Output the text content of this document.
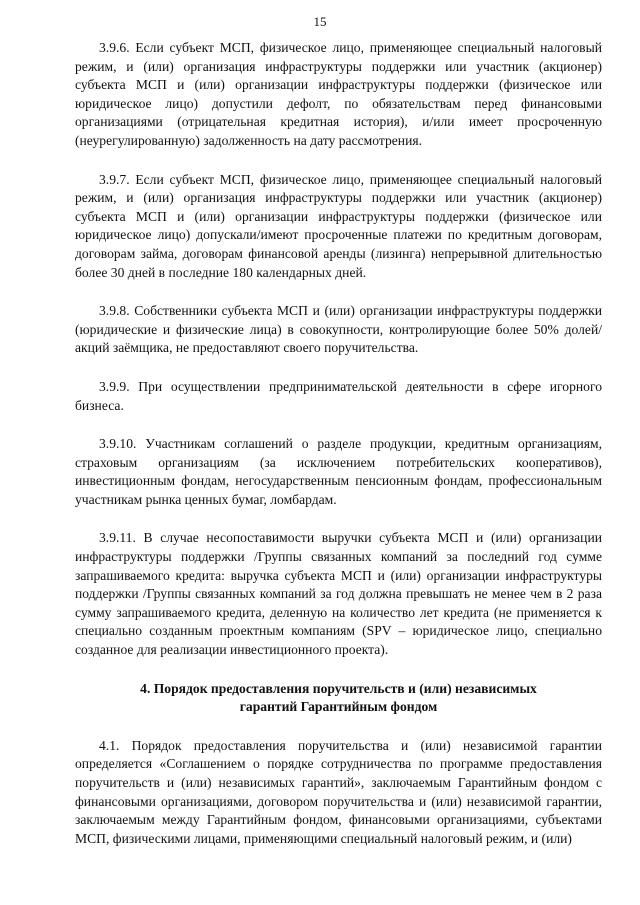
15

3.9.6. Если субъект МСП, физическое лицо, применяющее специальный налоговый режим, и (или) организация инфраструктуры поддержки или участник (акционер) субъекта МСП и (или) организации инфраструктуры поддержки (физическое или юридическое лицо) допустили дефолт, по обязательствам перед финансовыми организациями (отрицательная кредитная история), и/или имеет просроченную (неурегулированную) задолженность на дату рассмотрения.

3.9.7. Если субъект МСП, физическое лицо, применяющее специальный налоговый режим, и (или) организация инфраструктуры поддержки или участник (акционер) субъекта МСП и (или) организации инфраструктуры поддержки (физическое или юридическое лицо) допускали/имеют просроченные платежи по кредитным договорам, договорам займа, договорам финансовой аренды (лизинга) непрерывной длительностью более 30 дней в последние 180 календарных дней.

3.9.8. Собственники субъекта МСП и (или) организации инфраструктуры поддержки (юридические и физические лица) в совокупности, контролирующие более 50% долей/акций заёмщика, не предоставляют своего поручительства.

3.9.9. При осуществлении предпринимательской деятельности в сфере игорного бизнеса.

3.9.10. Участникам соглашений о разделе продукции, кредитным организациям, страховым организациям (за исключением потребительских кооперативов), инвестиционным фондам, негосударственным пенсионным фондам, профессиональным участникам рынка ценных бумаг, ломбардам.

3.9.11. В случае несопоставимости выручки субъекта МСП и (или) организации инфраструктуры поддержки /Группы связанных компаний за последний год сумме запрашиваемого кредита: выручка субъекта МСП и (или) организации инфраструктуры поддержки /Группы связанных компаний за год должна превышать не менее чем в 2 раза сумму запрашиваемого кредита, деленную на количество лет кредита (не применяется к специально созданным проектным компаниям (SPV – юридическое лицо, специально созданное для реализации инвестиционного проекта).

4. Порядок предоставления поручительств и (или) независимых
гарантий Гарантийным фондом

4.1. Порядок предоставления поручительства и (или) независимой гарантии определяется «Соглашением о порядке сотрудничества по программе предоставления поручительств и (или) независимых гарантий», заключаемым Гарантийным фондом с финансовыми организациями, договором поручительства и (или) независимой гарантии, заключаемым между Гарантийным фондом, финансовыми организациями, субъектами МСП, физическими лицами, применяющими специальный налоговый режим, и (или)
